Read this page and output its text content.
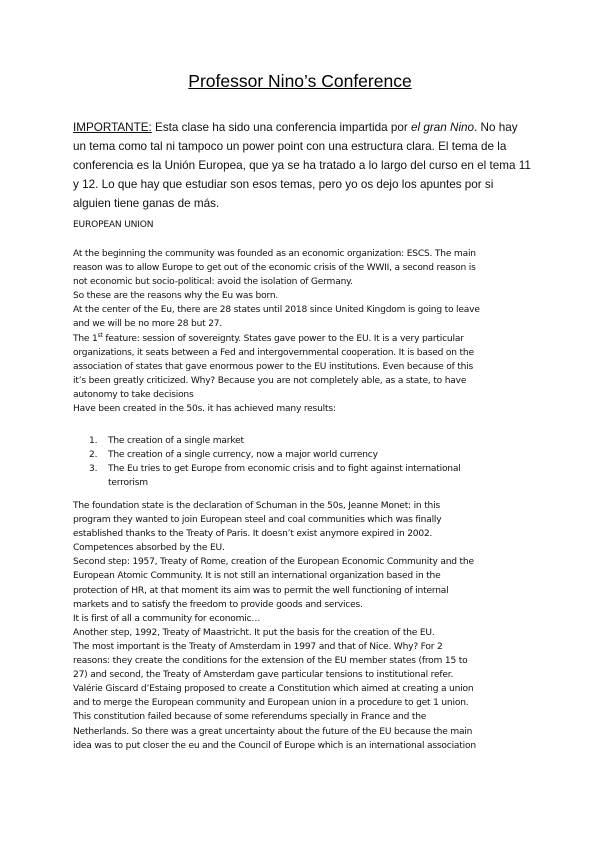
Professor Nino’s Conference

IMPORTANTE: Esta clase ha sido una conferencia impartida por el gran Nino. No hay un tema como tal ni tampoco un power point con una estructura clara. El tema de la conferencia es la Unión Europea, que ya se ha tratado a lo largo del curso en el tema 11 y 12. Lo que hay que estudiar son esos temas, pero yo os dejo los apuntes por si alguien tiene ganas de más.

EUROPEAN UNION
At the beginning the community was founded as an economic organization: ESCS. The main
reason was to allow Europe to get out of the economic crisis of the WWII, a second reason is
not economic but socio-political: avoid the isolation of Germany.
So these are the reasons why the Eu was born.
At the center of the Eu, there are 28 states until 2018 since United Kingdom is going to leave
and we will be no more 28 but 27.
The 1st feature: session of sovereignty. States gave power to the EU. It is a very particular
organizations, it seats between a Fed and intergovernmental cooperation. It is based on the
association of states that gave enormous power to the EU institutions. Even because of this
it’s been greatly criticized. Why? Because you are not completely able, as a state, to have
autonomy to take decisions
Have been created in the 50s. it has achieved many results:
1. The creation of a single market
2. The creation of a single currency, now a major world currency
3. The Eu tries to get Europe from economic crisis and to fight against international
terrorism
The foundation state is the declaration of Schuman in the 50s, Jeanne Monet: in this
program they wanted to join European steel and coal communities which was finally
established thanks to the Treaty of Paris. It doesn’t exist anymore expired in 2002.
Competences absorbed by the EU.
Second step: 1957, Treaty of Rome, creation of the European Economic Community and the
European Atomic Community. It is not still an international organization based in the
protection of HR, at that moment its aim was to permit the well functioning of internal
markets and to satisfy the freedom to provide goods and services.
It is first of all a community for economic…
Another step, 1992, Treaty of Maastricht. It put the basis for the creation of the EU.
The most important is the Treaty of Amsterdam in 1997 and that of Nice. Why? For 2
reasons: they create the conditions for the extension of the EU member states (from 15 to
27) and second, the Treaty of Amsterdam gave particular tensions to institutional refer.
Valérie Giscard d’Estaing proposed to create a Constitution which aimed at creating a union
and to merge the European community and European union in a procedure to get 1 union.
This constitution failed because of some referendums specially in France and the
Netherlands. So there was a great uncertainty about the future of the EU because the main
idea was to put closer the eu and the Council of Europe which is an international association
